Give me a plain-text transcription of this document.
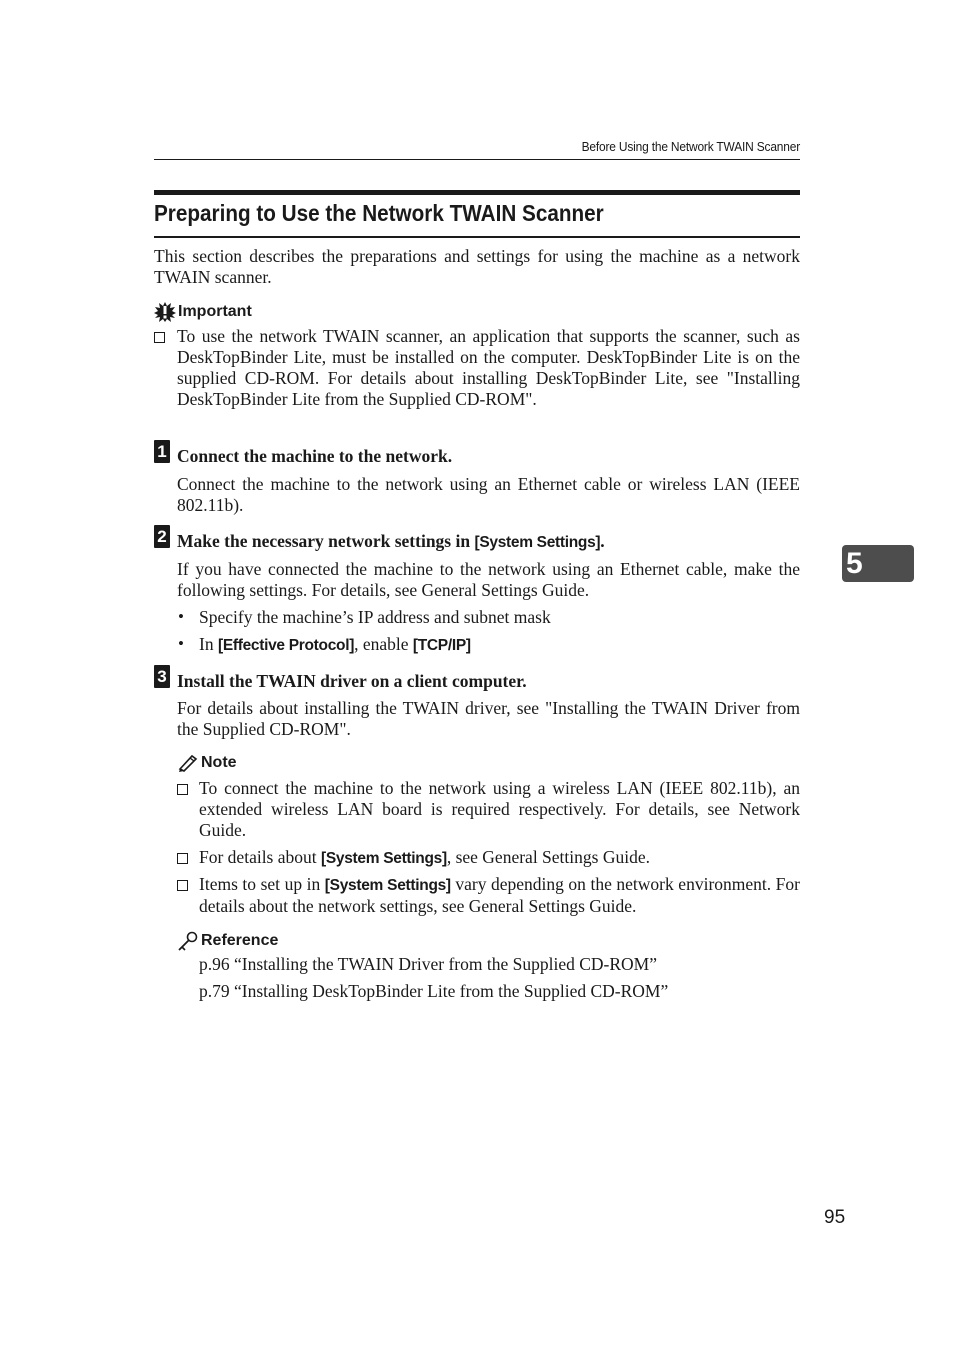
Before Using the Network TWAIN Scanner
Preparing to Use the Network TWAIN Scanner
This section describes the preparations and settings for using the machine as a network TWAIN scanner.
Important
To use the network TWAIN scanner, an application that supports the scanner, such as DeskTopBinder Lite, must be installed on the computer. DeskTopBinder Lite is on the supplied CD-ROM. For details about installing DeskTopBinder Lite, see "Installing DeskTopBinder Lite from the Supplied CD-ROM".
1 Connect the machine to the network.
Connect the machine to the network using an Ethernet cable or wireless LAN (IEEE 802.11b).
2 Make the necessary network settings in [System Settings].
If you have connected the machine to the network using an Ethernet cable, make the following settings. For details, see General Settings Guide.
• Specify the machine’s IP address and subnet mask
• In [Effective Protocol], enable [TCP/IP]
3 Install the TWAIN driver on a client computer.
For details about installing the TWAIN driver, see "Installing the TWAIN Driver from the Supplied CD-ROM".
Note
To connect the machine to the network using a wireless LAN (IEEE 802.11b), an extended wireless LAN board is required respectively. For details, see Network Guide.
For details about [System Settings], see General Settings Guide.
Items to set up in [System Settings] vary depending on the network environment. For details about the network settings, see General Settings Guide.
Reference
p.96 “Installing the TWAIN Driver from the Supplied CD-ROM”
p.79 “Installing DeskTopBinder Lite from the Supplied CD-ROM”
5
95
